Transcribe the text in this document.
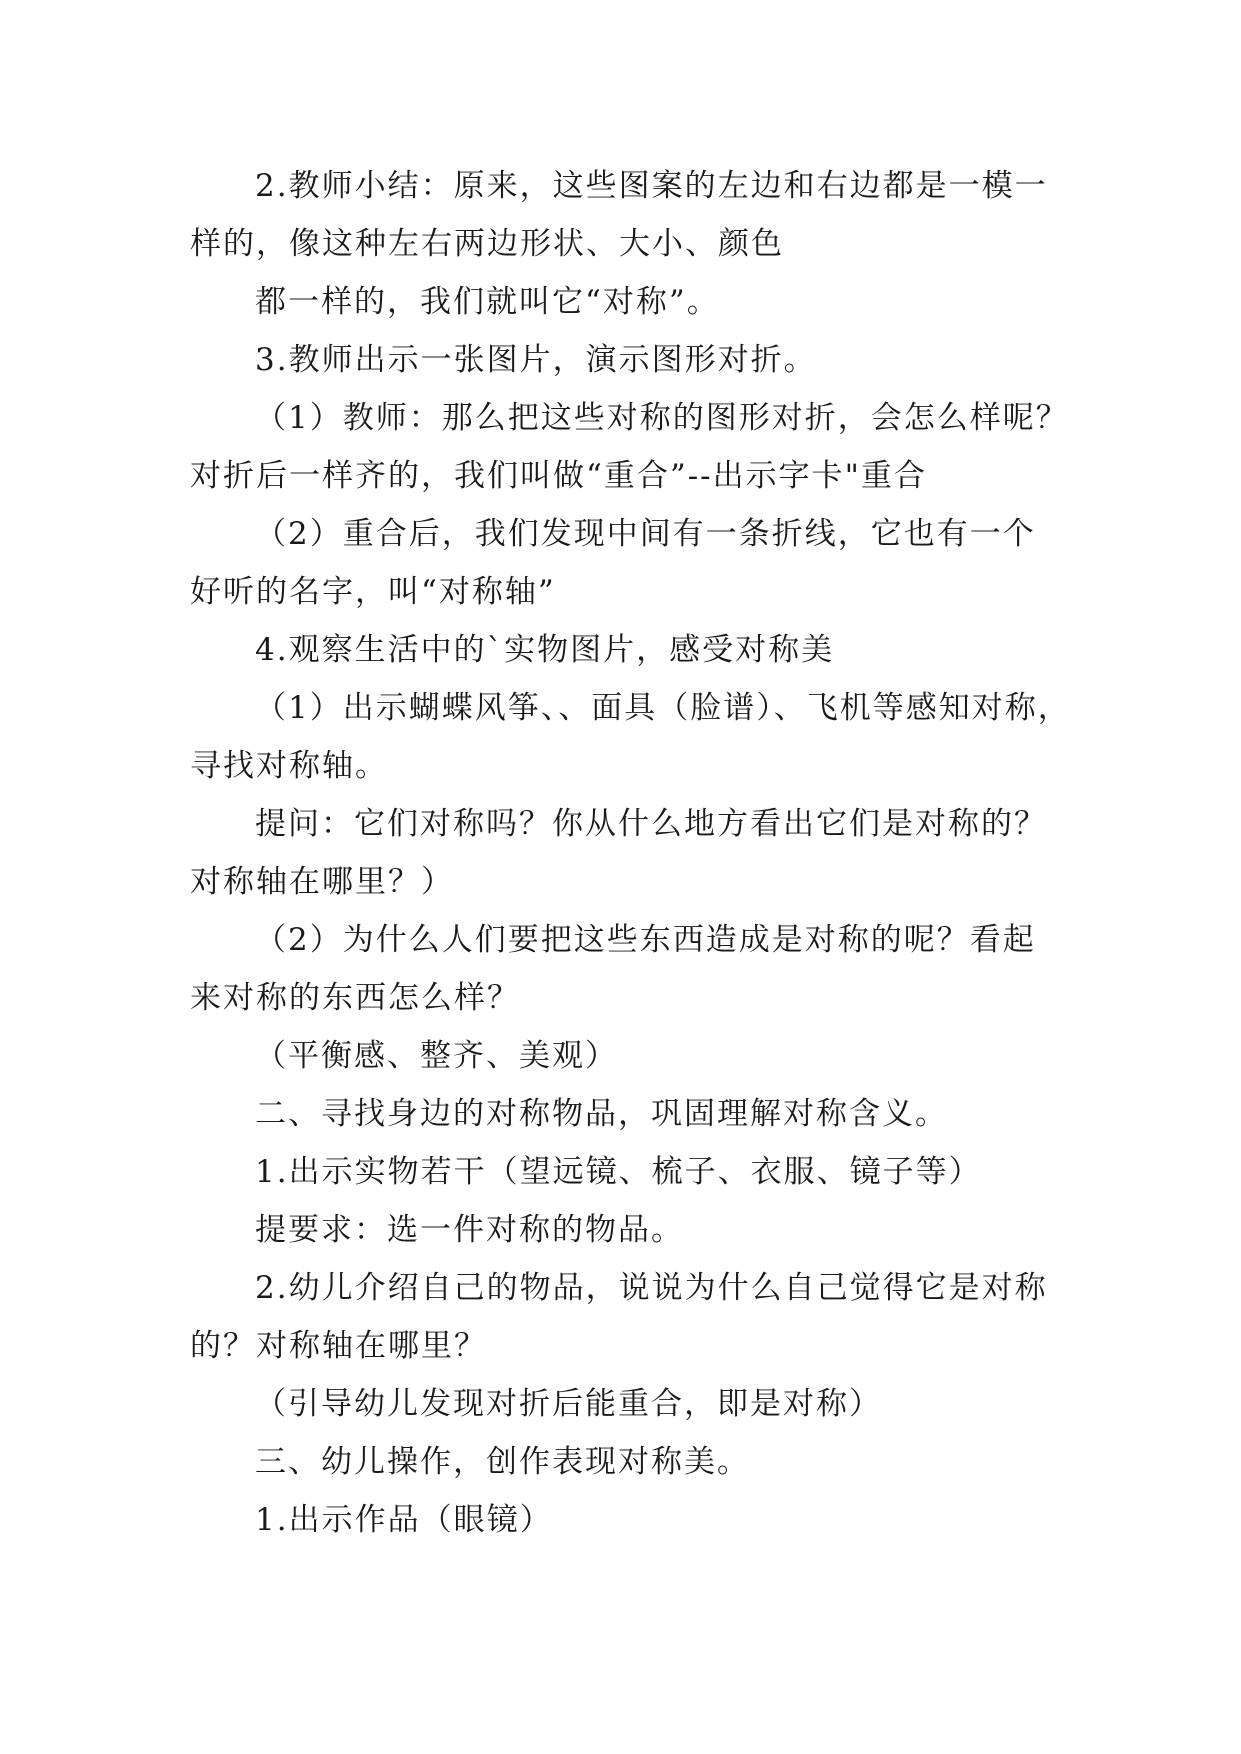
2.教师小结：原来，这些图案的左边和右边都是一模一
样的，像这种左右两边形状、大小、颜色
都一样的，我们就叫它“对称”。
3.教师出示一张图片，演示图形对折。
（1）教师：那么把这些对称的图形对折，会怎么样呢？
对折后一样齐的，我们叫做“重合”--出示字卡"重合
（2）重合后，我们发现中间有一条折线，它也有一个
好听的名字，叫“对称轴”
4.观察生活中的`实物图片，感受对称美
（1）出示蝴蝶风筝、、面具（脸谱）、飞机等感知对称，
寻找对称轴。
提问：它们对称吗？你从什么地方看出它们是对称的？
对称轴在哪里？）
（2）为什么人们要把这些东西造成是对称的呢？看起
来对称的东西怎么样？
（平衡感、整齐、美观）
二、寻找身边的对称物品，巩固理解对称含义。
1.出示实物若干（望远镜、梳子、衣服、镜子等）
提要求：选一件对称的物品。
2.幼儿介绍自己的物品，说说为什么自己觉得它是对称
的？对称轴在哪里？
（引导幼儿发现对折后能重合，即是对称）
三、幼儿操作，创作表现对称美。
1.出示作品（眼镜）
